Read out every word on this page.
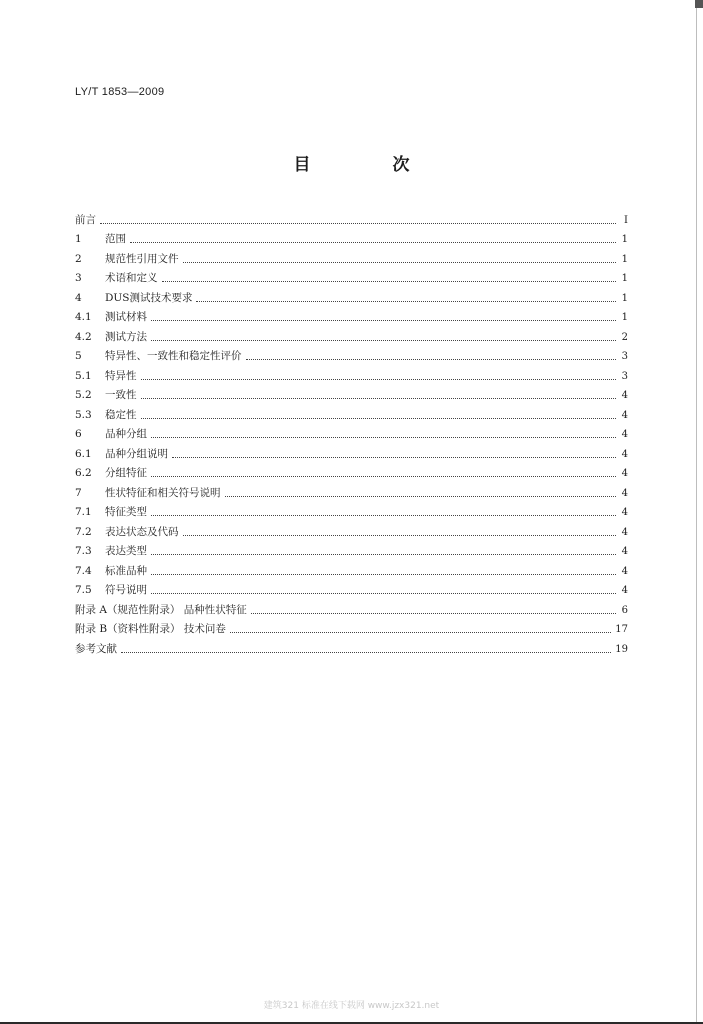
LY/T 1853—2009
目 次
前言	Ⅰ
1	范围	1
2	规范性引用文件	1
3	术语和定义	1
4	DUS测试技术要求	1
4.1	测试材料	1
4.2	测试方法	2
5	特异性、一致性和稳定性评价	3
5.1	特异性	3
5.2	一致性	4
5.3	稳定性	4
6	品种分组	4
6.1	品种分组说明	4
6.2	分组特征	4
7	性状特征和相关符号说明	4
7.1	特征类型	4
7.2	表达状态及代码	4
7.3	表达类型	4
7.4	标准品种	4
7.5	符号说明	4
附录 A（规范性附录） 品种性状特征	6
附录 B（资料性附录） 技术问卷	17
参考文献	19
建筑321 标准在线下载网 www.jzx321.net
